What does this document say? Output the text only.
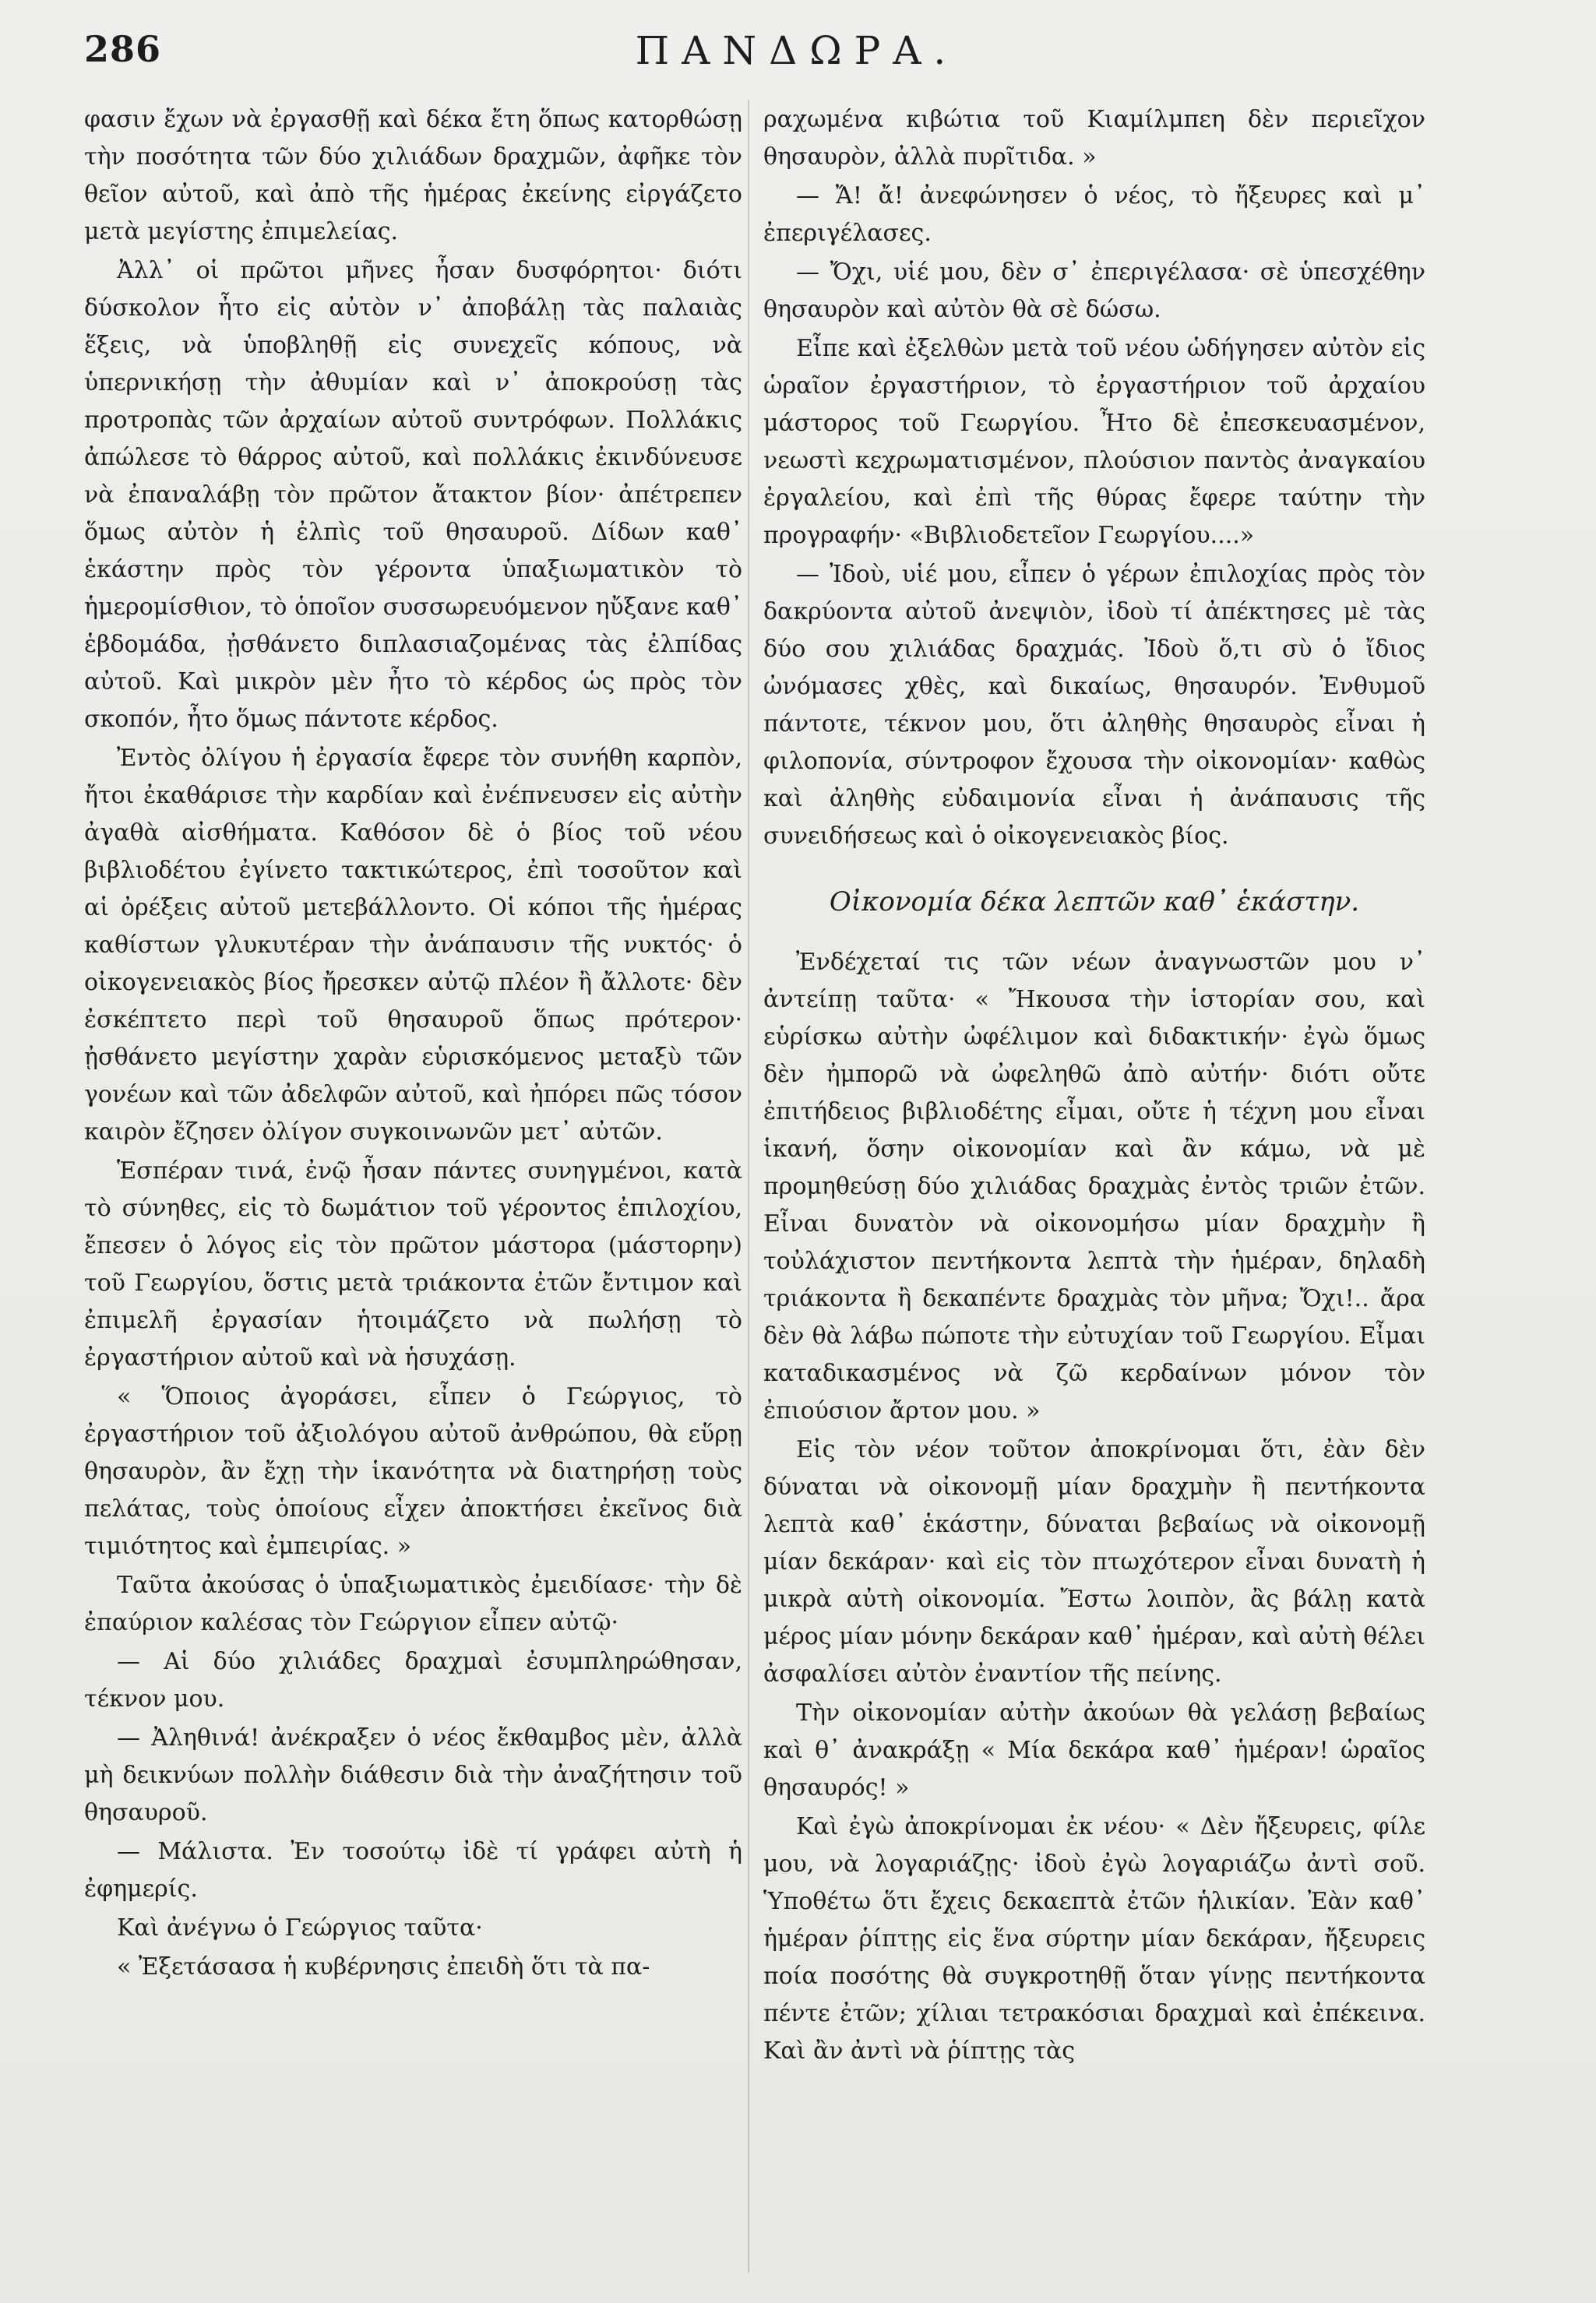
286	ΠΑΝΔΩΡΑ.

φασιν ἔχων νὰ ἐργασθῇ καὶ δέκα ἔτη ὅπως κατορθώσῃ τὴν ποσότητα τῶν δύο χιλιάδων δραχμῶν, ἀφῆκε τὸν θεῖον αὐτοῦ, καὶ ἀπὸ τῆς ἡμέρας ἐκείνης εἰργάζετο μετὰ μεγίστης ἐπιμελείας.

Ἀλλ᾽ οἱ πρῶτοι μῆνες ἦσαν δυσφόρητοι· διότι δύσκολον ἦτο εἰς αὐτὸν ν᾽ ἀποβάλῃ τὰς παλαιὰς ἕξεις, νὰ ὑποβληθῇ εἰς συνεχεῖς κόπους, νὰ ὑπερνικήσῃ τὴν ἀθυμίαν καὶ ν᾽ ἀποκρούσῃ τὰς προτροπὰς τῶν ἀρχαίων αὐτοῦ συντρόφων. Πολλάκις ἀπώλεσε τὸ θάρρος αὐτοῦ, καὶ πολλάκις ἐκινδύνευσε νὰ ἐπαναλάβῃ τὸν πρῶτον ἄτακτον βίον· ἀπέτρεπεν ὅμως αὐτὸν ἡ ἐλπὶς τοῦ θησαυροῦ. Δίδων καθ᾽ ἑκάστην πρὸς τὸν γέροντα ὑπαξιωματικὸν τὸ ἡμερομίσθιον, τὸ ὁποῖον συσσωρευόμενον ηὔξανε καθ᾽ ἑβδομάδα, ᾐσθάνετο διπλασιαζομένας τὰς ἐλπίδας αὐτοῦ. Καὶ μικρὸν μὲν ἦτο τὸ κέρδος ὡς πρὸς τὸν σκοπόν, ἦτο ὅμως πάντοτε κέρδος.

Ἐντὸς ὀλίγου ἡ ἐργασία ἔφερε τὸν συνήθη καρπὸν, ἤτοι ἐκαθάρισε τὴν καρδίαν καὶ ἐνέπνευσεν εἰς αὐτὴν ἀγαθὰ αἰσθήματα. Καθόσον δὲ ὁ βίος τοῦ νέου βιβλιοδέτου ἐγίνετο τακτικώτερος, ἐπὶ τοσοῦτον καὶ αἱ ὀρέξεις αὐτοῦ μετεβάλλοντο. Οἱ κόποι τῆς ἡμέρας καθίστων γλυκυτέραν τὴν ἀνάπαυσιν τῆς νυκτός· ὁ οἰκογενειακὸς βίος ἤρεσκεν αὐτῷ πλέον ἢ ἄλλοτε· δὲν ἐσκέπτετο περὶ τοῦ θησαυροῦ ὅπως πρότερον· ᾐσθάνετο μεγίστην χαρὰν εὑρισκόμενος μεταξὺ τῶν γονέων καὶ τῶν ἀδελφῶν αὐτοῦ, καὶ ἠπόρει πῶς τόσον καιρὸν ἔζησεν ὀλίγον συγκοινωνῶν μετ᾽ αὐτῶν.

Ἑσπέραν τινά, ἐνῷ ἦσαν πάντες συνηγμένοι, κατὰ τὸ σύνηθες, εἰς τὸ δωμάτιον τοῦ γέροντος ἐπιλοχίου, ἔπεσεν ὁ λόγος εἰς τὸν πρῶτον μάστορα (μάστορην) τοῦ Γεωργίου, ὅστις μετὰ τριάκοντα ἐτῶν ἔντιμον καὶ ἐπιμελῆ ἐργασίαν ἡτοιμάζετο νὰ πωλήσῃ τὸ ἐργαστήριον αὐτοῦ καὶ νὰ ἡσυχάσῃ.

« Ὅποιος ἀγοράσει, εἶπεν ὁ Γεώργιος, τὸ ἐργαστήριον τοῦ ἀξιολόγου αὐτοῦ ἀνθρώπου, θὰ εὕρῃ θησαυρὸν, ἂν ἔχῃ τὴν ἱκανότητα νὰ διατηρήσῃ τοὺς πελάτας, τοὺς ὁποίους εἶχεν ἀποκτήσει ἐκεῖνος διὰ τιμιότητος καὶ ἐμπειρίας. »

Ταῦτα ἀκούσας ὁ ὑπαξιωματικὸς ἐμειδίασε· τὴν δὲ ἐπαύριον καλέσας τὸν Γεώργιον εἶπεν αὐτῷ·

— Αἱ δύο χιλιάδες δραχμαὶ ἐσυμπληρώθησαν, τέκνον μου.

— Ἀληθινά! ἀνέκραξεν ὁ νέος ἔκθαμβος μὲν, ἀλλὰ μὴ δεικνύων πολλὴν διάθεσιν διὰ τὴν ἀναζήτησιν τοῦ θησαυροῦ.

— Μάλιστα. Ἐν τοσούτῳ ἰδὲ τί γράφει αὐτὴ ἡ ἐφημερίς.

Καὶ ἀνέγνω ὁ Γεώργιος ταῦτα·

« Ἐξετάσασα ἡ κυβέρνησις ἐπειδὴ ὅτι τὰ πα-

ραχωμένα κιβώτια τοῦ Κιαμίλμπεη δὲν περιεῖχον θησαυρὸν, ἀλλὰ πυρῖτιδα. »

— Ἄ! ἄ! ἀνεφώνησεν ὁ νέος, τὸ ἤξευρες καὶ μ᾽ ἐπεριγέλασες.

— Ὄχι, υἱέ μου, δὲν σ᾽ ἐπεριγέλασα· σὲ ὑπεσχέθην θησαυρὸν καὶ αὐτὸν θὰ σὲ δώσω.

Εἶπε καὶ ἐξελθὼν μετὰ τοῦ νέου ὡδήγησεν αὐτὸν εἰς ὡραῖον ἐργαστήριον, τὸ ἐργαστήριον τοῦ ἀρχαίου μάστορος τοῦ Γεωργίου. Ἦτο δὲ ἐπεσκευασμένον, νεωστὶ κεχρωματισμένον, πλούσιον παντὸς ἀναγκαίου ἐργαλείου, καὶ ἐπὶ τῆς θύρας ἔφερε ταύτην τὴν προγραφήν· «Βιβλιοδετεῖον Γεωργίου....»

— Ἰδοὺ, υἱέ μου, εἶπεν ὁ γέρων ἐπιλοχίας πρὸς τὸν δακρύοντα αὐτοῦ ἀνεψιὸν, ἰδοὺ τί ἀπέκτησες μὲ τὰς δύο σου χιλιάδας δραχμάς. Ἰδοὺ ὅ,τι σὺ ὁ ἴδιος ὠνόμασες χθὲς, καὶ δικαίως, θησαυρόν. Ἐνθυμοῦ πάντοτε, τέκνον μου, ὅτι ἀληθὴς θησαυρὸς εἶναι ἡ φιλοπονία, σύντροφον ἔχουσα τὴν οἰκονομίαν· καθὼς καὶ ἀληθὴς εὐδαιμονία εἶναι ἡ ἀνάπαυσις τῆς συνειδήσεως καὶ ὁ οἰκογενειακὸς βίος.

Οἰκονομία δέκα λεπτῶν καθ᾽ ἑκάστην.

Ἐνδέχεταί τις τῶν νέων ἀναγνωστῶν μου ν᾽ ἀντείπῃ ταῦτα· « Ἤκουσα τὴν ἱστορίαν σου, καὶ εὑρίσκω αὐτὴν ὠφέλιμον καὶ διδακτικήν· ἐγὼ ὅμως δὲν ἠμπορῶ νὰ ὠφεληθῶ ἀπὸ αὐτήν· διότι οὔτε ἐπιτήδειος βιβλιοδέτης εἶμαι, οὔτε ἡ τέχνη μου εἶναι ἱκανή, ὅσην οἰκονομίαν καὶ ἂν κάμω, νὰ μὲ προμηθεύσῃ δύο χιλιάδας δραχμὰς ἐντὸς τριῶν ἐτῶν. Εἶναι δυνατὸν νὰ οἰκονομήσω μίαν δραχμὴν ἢ τοὐλάχιστον πεντήκοντα λεπτὰ τὴν ἡμέραν, δηλαδὴ τριάκοντα ἢ δεκαπέντε δραχμὰς τὸν μῆνα; Ὄχι!.. ἄρα δὲν θὰ λάβω πώποτε τὴν εὐτυχίαν τοῦ Γεωργίου. Εἶμαι καταδικασμένος νὰ ζῶ κερδαίνων μόνον τὸν ἐπιούσιον ἄρτον μου. »

Εἰς τὸν νέον τοῦτον ἀποκρίνομαι ὅτι, ἐὰν δὲν δύναται νὰ οἰκονομῇ μίαν δραχμὴν ἢ πεντήκοντα λεπτὰ καθ᾽ ἑκάστην, δύναται βεβαίως νὰ οἰκονομῇ μίαν δεκάραν· καὶ εἰς τὸν πτωχότερον εἶναι δυνατὴ ἡ μικρὰ αὐτὴ οἰκονομία. Ἔστω λοιπὸν, ἂς βάλῃ κατὰ μέρος μίαν μόνην δεκάραν καθ᾽ ἡμέραν, καὶ αὐτὴ θέλει ἀσφαλίσει αὐτὸν ἐναντίον τῆς πείνης.

Τὴν οἰκονομίαν αὐτὴν ἀκούων θὰ γελάσῃ βεβαίως καὶ θ᾽ ἀνακράξῃ « Μία δεκάρα καθ᾽ ἡμέραν! ὡραῖος θησαυρός! »

Καὶ ἐγὼ ἀποκρίνομαι ἐκ νέου· « Δὲν ἤξευρεις, φίλε μου, νὰ λογαριάζῃς· ἰδοὺ ἐγὼ λογαριάζω ἀντὶ σοῦ. Ὑποθέτω ὅτι ἔχεις δεκαεπτὰ ἐτῶν ἡλικίαν. Ἐὰν καθ᾽ ἡμέραν ῥίπτῃς εἰς ἕνα σύρτην μίαν δεκάραν, ἤξευρεις ποία ποσότης θὰ συγκροτηθῇ ὅταν γίνῃς πεντήκοντα πέντε ἐτῶν; χίλιαι τετρακόσιαι δραχμαὶ καὶ ἐπέκεινα. Καὶ ἂν ἀντὶ νὰ ῥίπτῃς τὰς
